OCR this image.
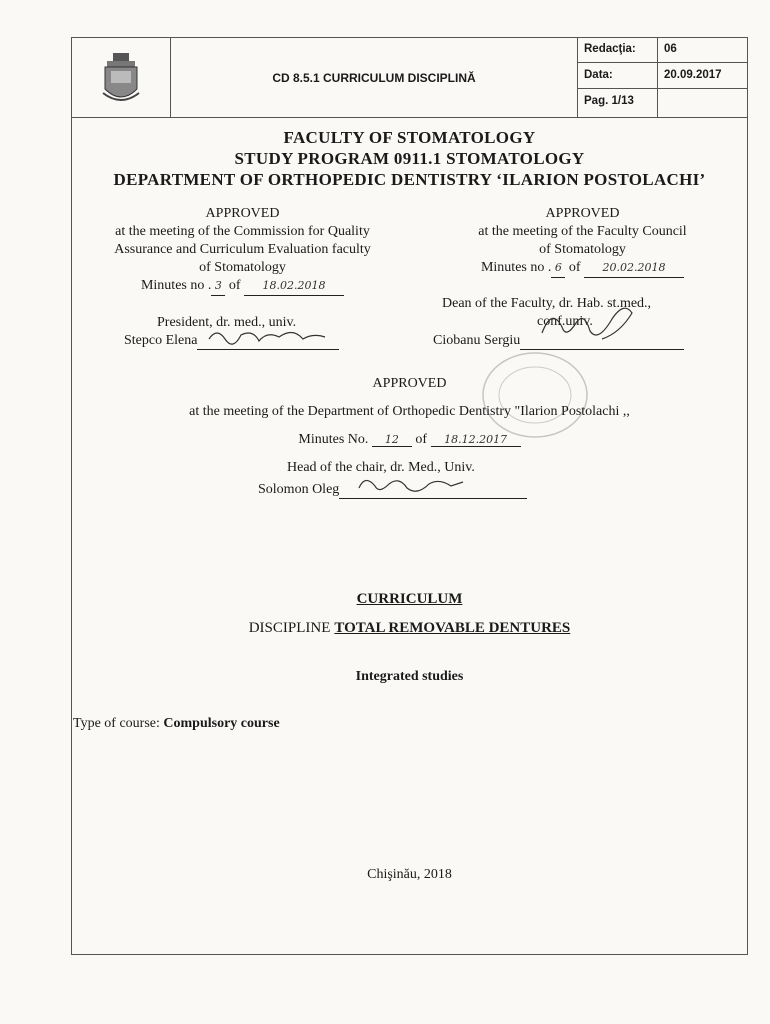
CD 8.5.1 CURRICULUM DISCIPLINĂ
Redacţia:
Data:
Pag. 1/13
06
20.09.2017
FACULTY OF STOMATOLOGY
STUDY PROGRAM 0911.1 STOMATOLOGY
DEPARTMENT OF ORTHOPEDIC DENTISTRY ‘ILARION POSTOLACHI’
APPROVED
at the meeting of the Commission for Quality
Assurance and Curriculum Evaluation faculty
of Stomatology
Minutes no . 3 of 18.02.2018
President, dr. med., univ.
Stepco Elena

APPROVED
at the meeting of the Faculty Council
of Stomatology
Minutes no . 6 of 20.02.2018
Dean of the Faculty, dr. Hab. st.med.,
conf.univ.
Ciobanu Sergiu

APPROVED
at the meeting of the Department of Orthopedic Dentistry "Ilarion Postolachi ,,
Minutes No. 12 of 18.12.2017
Head of the chair, dr. Med., Univ.
Solomon Oleg

CURRICULUM
DISCIPLINE TOTAL REMOVABLE DENTURES
Integrated studies
Type of course: Compulsory course
Chişinău, 2018
